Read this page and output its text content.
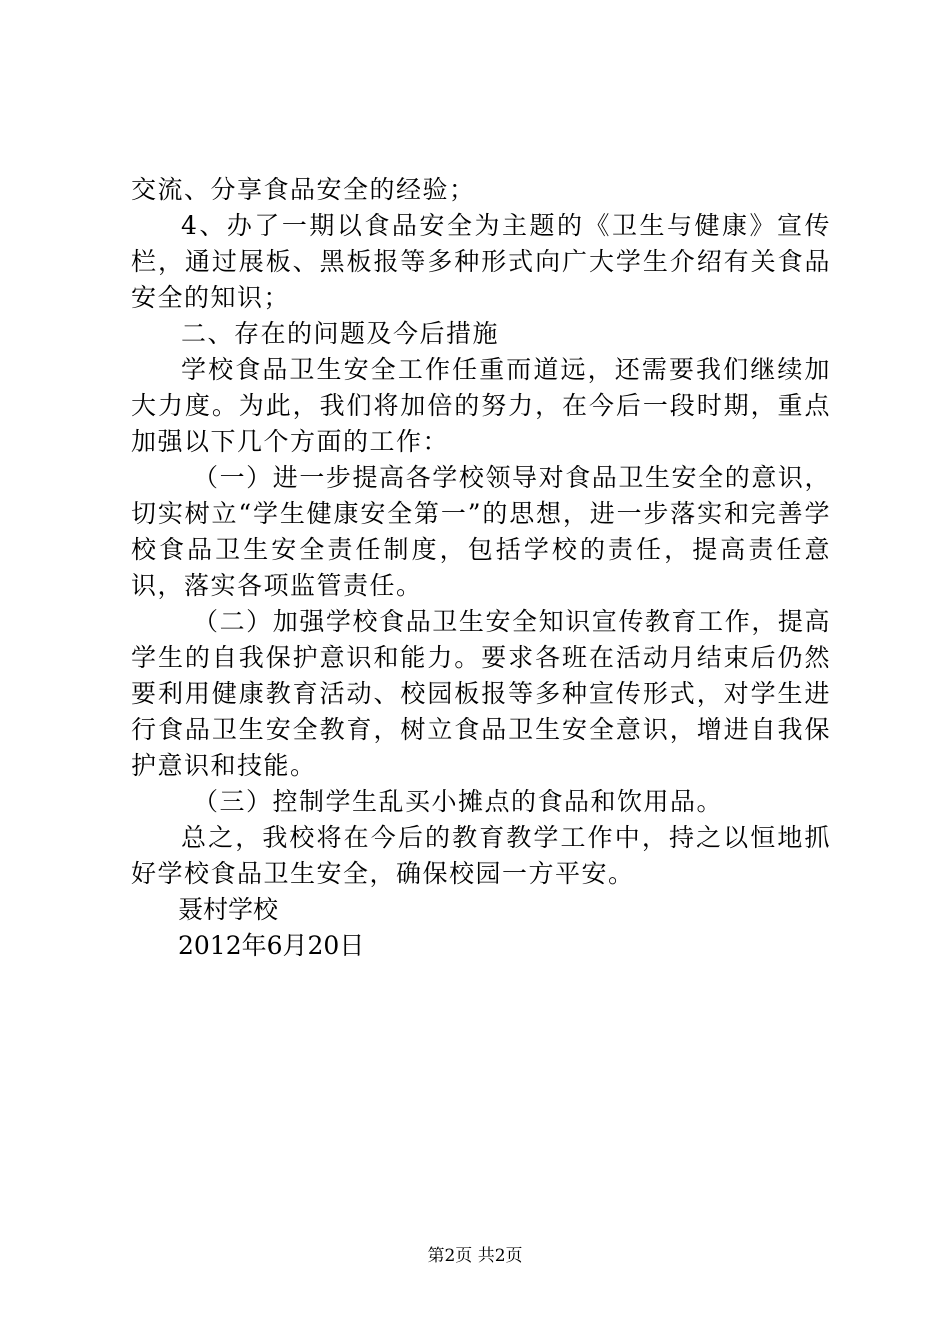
交流、分享食品安全的经验；

4、办了一期以食品安全为主题的《卫生与健康》宣传栏，通过展板、黑板报等多种形式向广大学生介绍有关食品安全的知识；

二、存在的问题及今后措施

学校食品卫生安全工作任重而道远，还需要我们继续加大力度。为此，我们将加倍的努力，在今后一段时期，重点加强以下几个方面的工作：

（一）进一步提高各学校领导对食品卫生安全的意识，切实树立“学生健康安全第一”的思想，进一步落实和完善学校食品卫生安全责任制度，包括学校的责任，提高责任意识，落实各项监管责任。

（二）加强学校食品卫生安全知识宣传教育工作，提高学生的自我保护意识和能力。要求各班在活动月结束后仍然要利用健康教育活动、校园板报等多种宣传形式，对学生进行食品卫生安全教育，树立食品卫生安全意识，增进自我保护意识和技能。

（三）控制学生乱买小摊点的食品和饮用品。

总之，我校将在今后的教育教学工作中，持之以恒地抓好学校食品卫生安全，确保校园一方平安。

聂村学校

2012年6月20日

第2页 共2页
